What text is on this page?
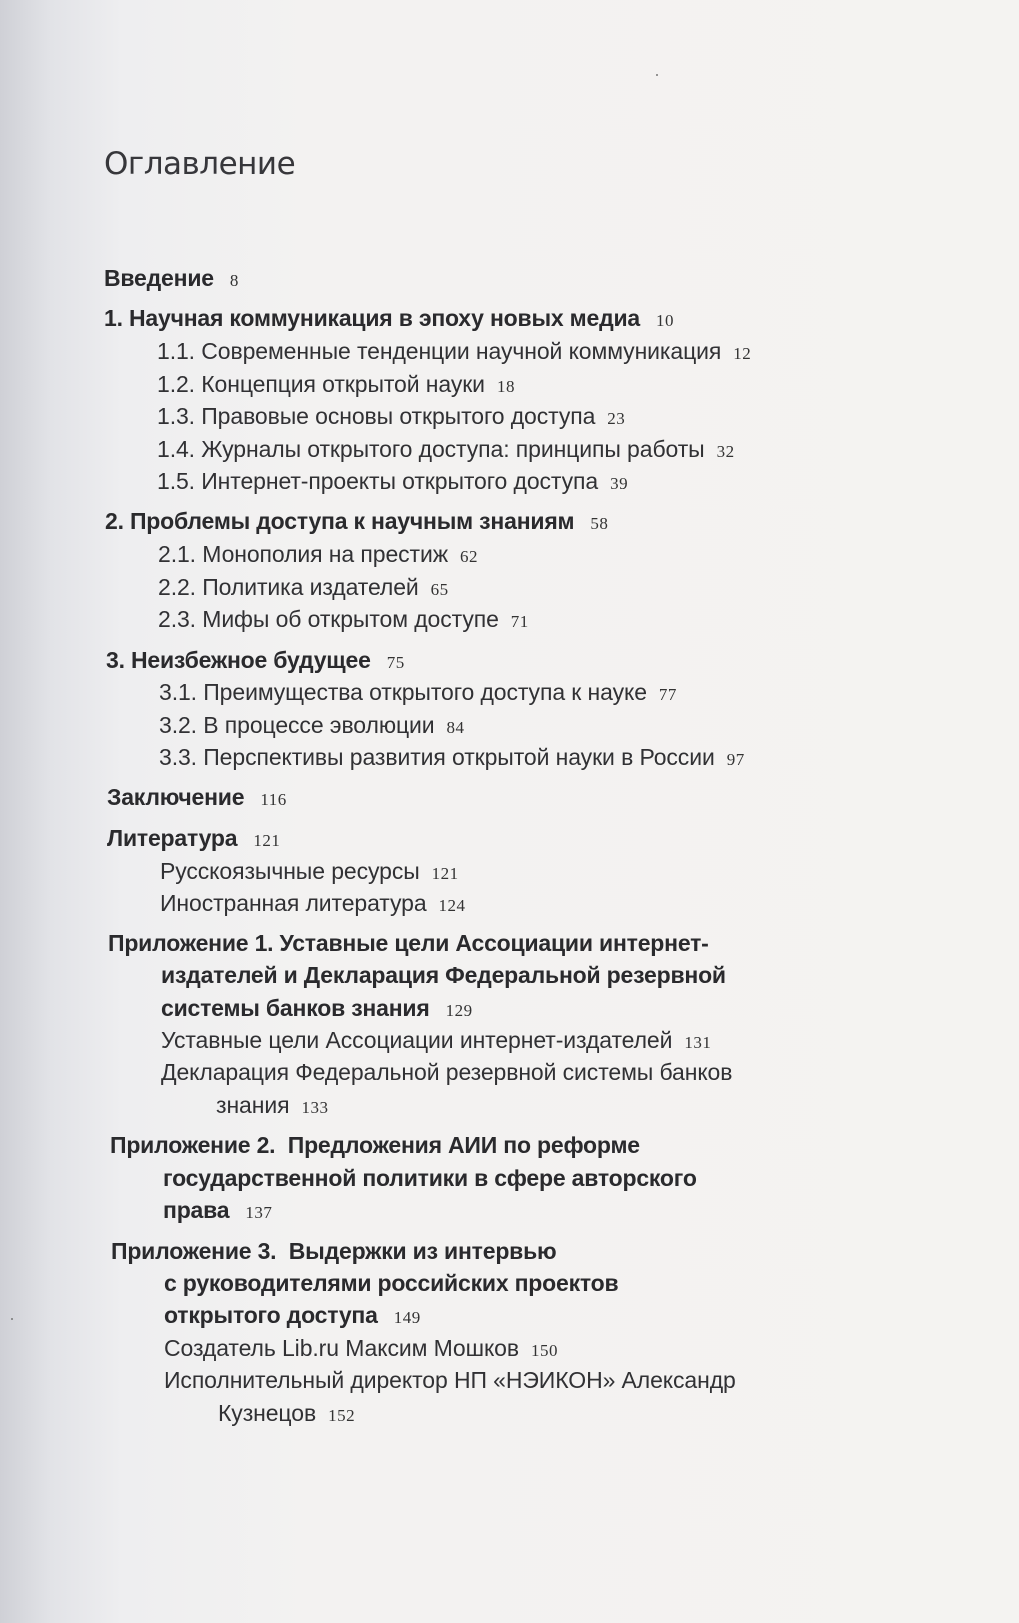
Оглавление
Введение 8
1. Научная коммуникация в эпоху новых медиа 10
1.1. Современные тенденции научной коммуникация 12
1.2. Концепция открытой науки 18
1.3. Правовые основы открытого доступа 23
1.4. Журналы открытого доступа: принципы работы 32
1.5. Интернет-проекты открытого доступа 39
2. Проблемы доступа к научным знаниям 58
2.1. Монополия на престиж 62
2.2. Политика издателей 65
2.3. Мифы об открытом доступе 71
3. Неизбежное будущее 75
3.1. Преимущества открытого доступа к науке 77
3.2. В процессе эволюции 84
3.3. Перспективы развития открытой науки в России 97
Заключение 116
Литература 121
Русскоязычные ресурсы 121
Иностранная литература 124
Приложение 1. Уставные цели Ассоциации интернет-
издателей и Декларация Федеральной резервной
системы банков знания 129
Уставные цели Ассоциации интернет-издателей 131
Декларация Федеральной резервной системы банков
знания 133
Приложение 2.  Предложения АИИ по реформе
государственной политики в сфере авторского
права 137
Приложение 3.  Выдержки из интервью
с руководителями российских проектов
открытого доступа 149
Создатель Lib.ru Максим Мошков 150
Исполнительный директор НП «НЭИКОН» Александр
Кузнецов 152
